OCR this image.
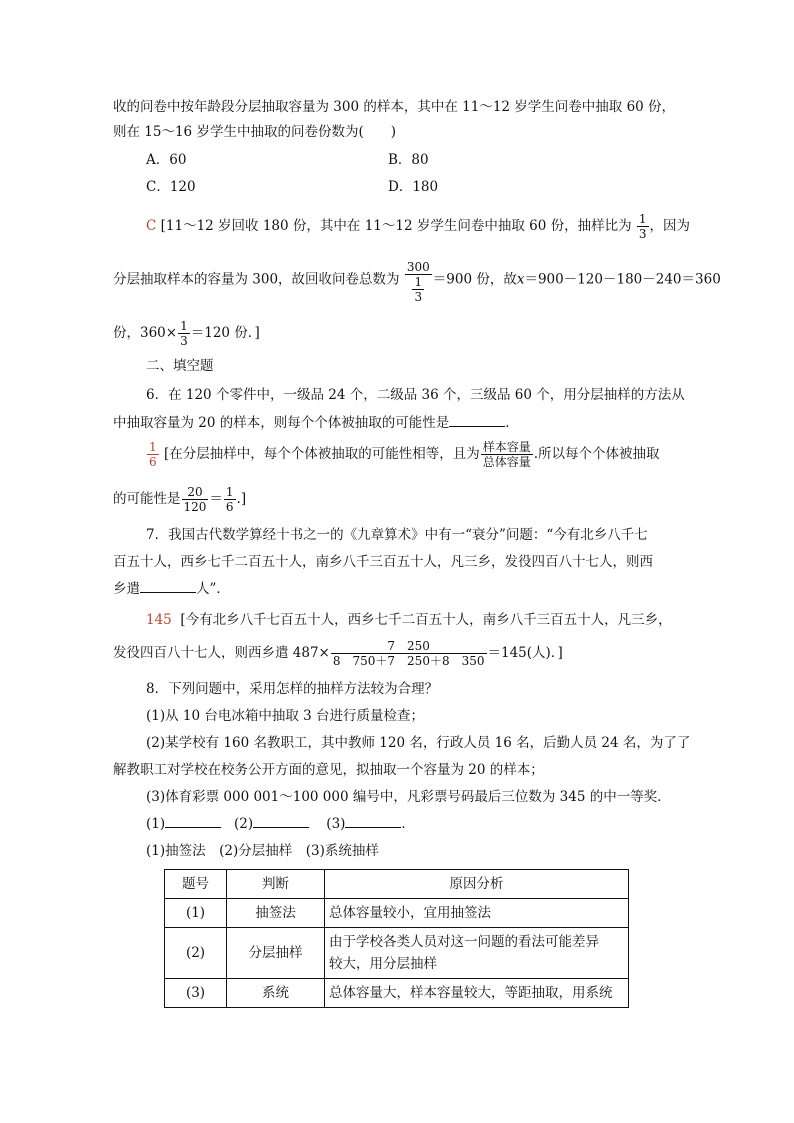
收的问卷中按年龄段分层抽取容量为 300 的样本，其中在 11～12 岁学生问卷中抽取 60 份，
则在 15～16 岁学生中抽取的问卷份数为(　　)
A．60	B．80
C．120	D．180
C [11～12 岁回收 180 份，其中在 11～12 岁学生问卷中抽取 60 份，抽样比为 $\frac{1}{3}$ ，因为
分层抽取样本的容量为 300，故回收问卷总数为 $\frac{300}{\frac{1}{3}} =900$ 份，故x＝900－120－180－240＝360
份，$360\times \frac{1}{3} =120$ 份．]
二、填空题
6．在 120 个零件中，一级品 24 个，二级品 36 个，三级品 60 个，用分层抽样的方法从
中抽取容量为 20 的样本，则每个个体被抽取的可能性是	．
$\frac{1}{6}$ [在分层抽样中，每个个体被抽取的可能性相等，且为 $\frac{\text{样本容量}}{\text{总体容量}}$ .所以每个个体被抽取
的可能性是 $\frac{20}{120} = \frac{1}{6}$ .]
7．我国古代数学算经十书之一的《九章算术》中有一“衰分”问题：“今有北乡八千七
百五十人，西乡七千二百五十人，南乡八千三百五十人，凡三乡，发役四百八十七人，则西
乡遣	人”．
145 [今有北乡八千七百五十人，西乡七千二百五十人，南乡八千三百五十人，凡三乡，
发役四百八十七人，则西乡遣 $487\times \frac{7 250}{8 750+7 250+8 350} =145$(人)．]
8．下列问题中，采用怎样的抽样方法较为合理？
(1)从 10 台电冰箱中抽取 3 台进行质量检查；
(2)某学校有 160 名教职工，其中教师 120 名，行政人员 16 名，后勤人员 24 名，为了了
解教职工对学校在校务公开方面的意见，拟抽取一个容量为 20 的样本；
(3)体育彩票 000 001～100 000 编号中，凡彩票号码最后三位数为 345 的中一等奖．
(1)	(2)	(3)	．
(1)抽签法　(2)分层抽样　(3)系统抽样
题号	判断	原因分析
(1)	抽签法	总体容量较小，宜用抽签法
(2)	分层抽样	由于学校各类人员对这一问题的看法可能差异
较大，用分层抽样

(3)	系统	总体容量大，样本容量较大，等距抽取，用系统
